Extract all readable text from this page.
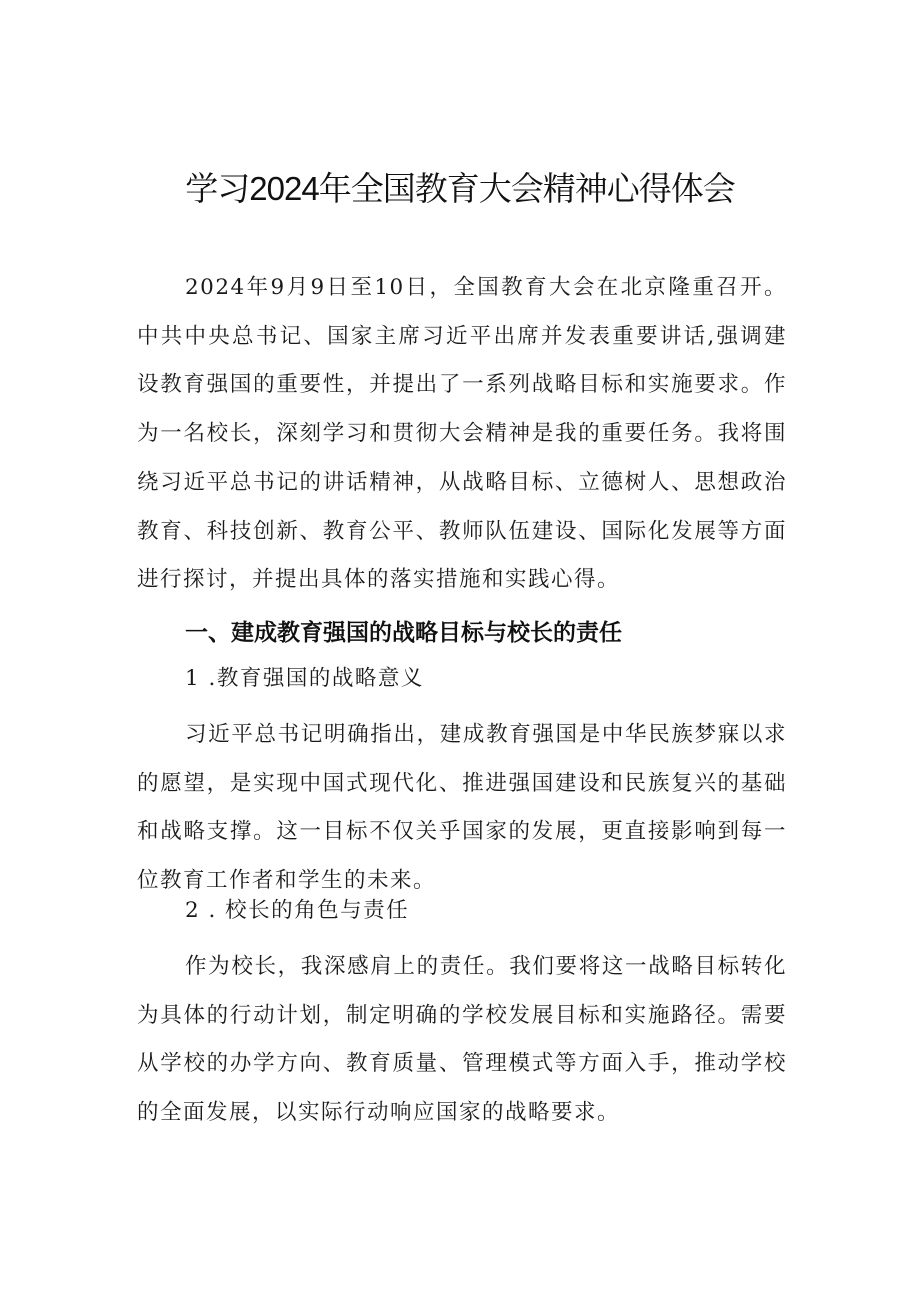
学习2024年全国教育大会精神心得体会

2024年9月9日至10日，全国教育大会在北京隆重召开。中共中央总书记、国家主席习近平出席并发表重要讲话,强调建设教育强国的重要性，并提出了一系列战略目标和实施要求。作为一名校长，深刻学习和贯彻大会精神是我的重要任务。我将围绕习近平总书记的讲话精神，从战略目标、立德树人、思想政治教育、科技创新、教育公平、教师队伍建设、国际化发展等方面进行探讨，并提出具体的落实措施和实践心得。

一、建成教育强国的战略目标与校长的责任
1 .教育强国的战略意义

习近平总书记明确指出，建成教育强国是中华民族梦寐以求的愿望，是实现中国式现代化、推进强国建设和民族复兴的基础和战略支撑。这一目标不仅关乎国家的发展，更直接影响到每一位教育工作者和学生的未来。

2 . 校长的角色与责任

作为校长，我深感肩上的责任。我们要将这一战略目标转化为具体的行动计划，制定明确的学校发展目标和实施路径。需要从学校的办学方向、教育质量、管理模式等方面入手，推动学校的全面发展，以实际行动响应国家的战略要求。
